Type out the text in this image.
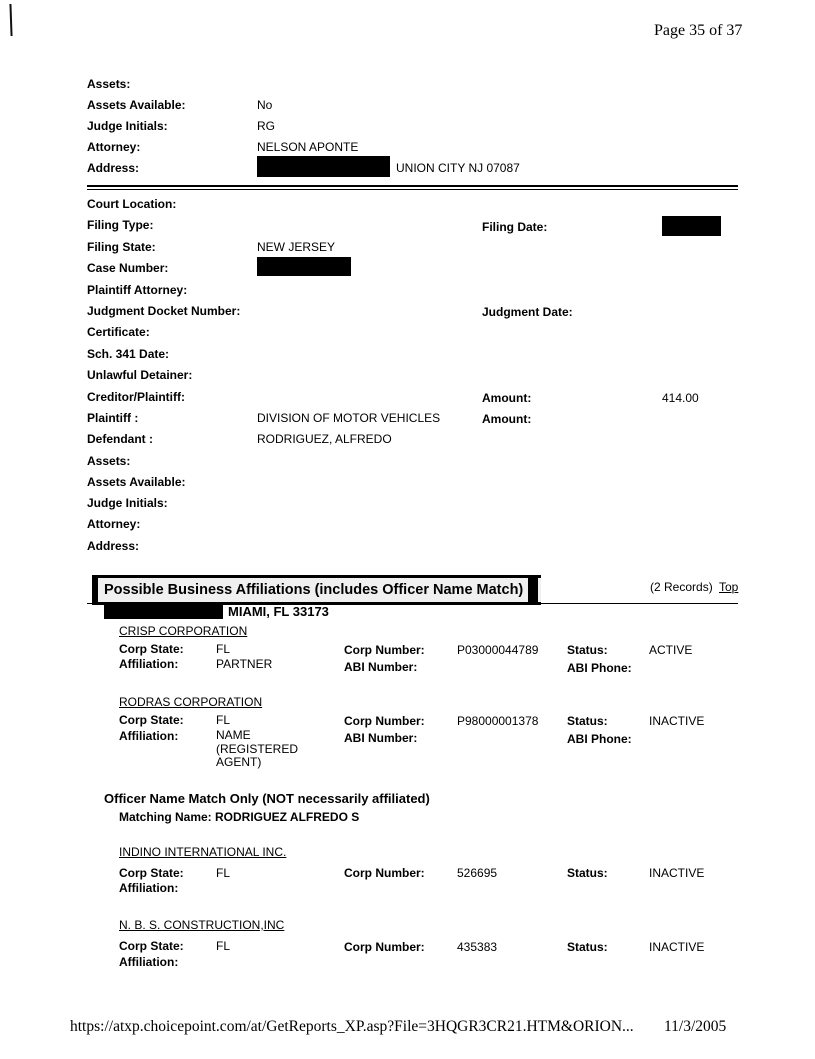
Page 35 of 37
Assets:
Assets Available:	No
Judge Initials:	RG
Attorney:	NELSON APONTE
Address:	UNION CITY NJ 07087
Court Location:
Filing Type:	Filing Date:
Filing State:	NEW JERSEY
Case Number:
Plaintiff Attorney:
Judgment Docket Number:	Judgment Date:
Certificate:
Sch. 341 Date:
Unlawful Detainer:
Creditor/Plaintiff:	Amount:	414.00
Plaintiff :	DIVISION OF MOTOR VEHICLES	Amount:
Defendant :	RODRIGUEZ, ALFREDO
Assets:
Assets Available:
Judge Initials:
Attorney:
Address:
Possible Business Affiliations (includes Officer Name Match)	(2 Records) Top
MIAMI, FL 33173
CRISP CORPORATION
Corp State:	FL	Corp Number:	P03000044789 Status:	ACTIVE
Affiliation:	PARTNER	ABI Number:	ABI Phone:
RODRAS CORPORATION
Corp State:	FL	Corp Number:	P98000001378 Status:	INACTIVE
Affiliation:	NAME
(REGISTERED
AGENT)
ABI Number:	ABI Phone:
Officer Name Match Only (NOT necessarily affiliated)
Matching Name: RODRIGUEZ ALFREDO S
INDINO INTERNATIONAL INC.
Corp State:	FL	Corp Number:	526695	Status:	INACTIVE
Affiliation:
N. B. S. CONSTRUCTION,INC
Corp State:	FL	Corp Number:	435383	Status:	INACTIVE
Affiliation:
https://atxp.choicepoint.com/at/GetReports_XP.asp?File=3HQGR3CR21.HTM&ORION... 11/3/2005
